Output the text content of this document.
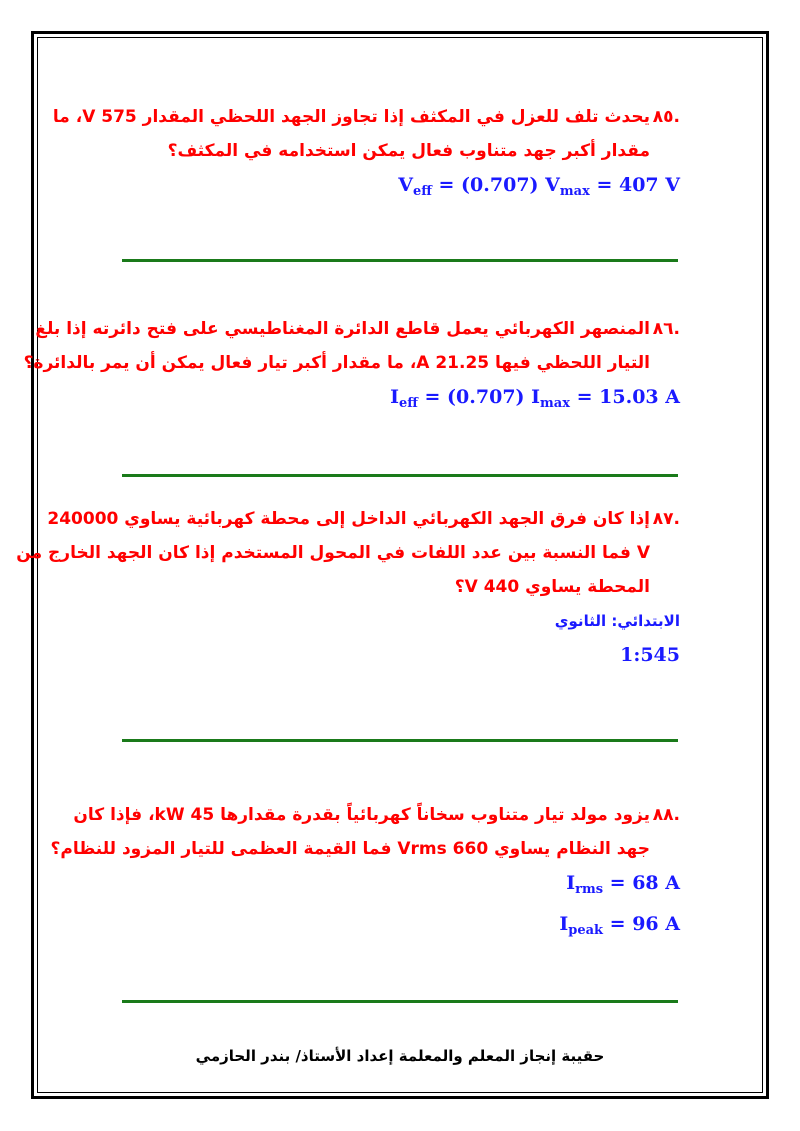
.٨٥يحدث تلف للعزل في المكثف إذا تجاوز الجهد اللحظي المقدار V 575، ما
مقدار أكبر جهد متناوب فعال يمكن استخدامه في المكثف؟
$V_{eff} = (0.707) V_{max} = 407$ V
.٨٦المنصهر الكهربائي يعمل قاطع الدائرة المغناطيسي على فتح دائرته إذا بلغ
التيار اللحظي فيها A 21.25، ما مقدار أكبر تيار فعال يمكن أن يمر بالدائرة؟
$I_{eff} = (0.707) I_{max} = 15.03$ A
.٨٧إذا كان فرق الجهد الكهربائي الداخل إلى محطة كهربائية يساوي 240000
V فما النسبة بين عدد اللفات في المحول المستخدم إذا كان الجهد الخارج من
المحطة يساوي V 440؟
الابتدائي: الثانوي
1:545
.٨٨يزود مولد تيار متناوب سخاناً كهربائياً بقدرة مقدارها kW 45، فإذا كان
جهد النظام يساوي 660 Vrms فما القيمة العظمى للتيار المزود للنظام؟
$I_{rms} = 68$ A
$I_{peak} = 96$ A
حقيبة إنجاز المعلم والمعلمة إعداد الأستاذ/ بندر الحازمي
